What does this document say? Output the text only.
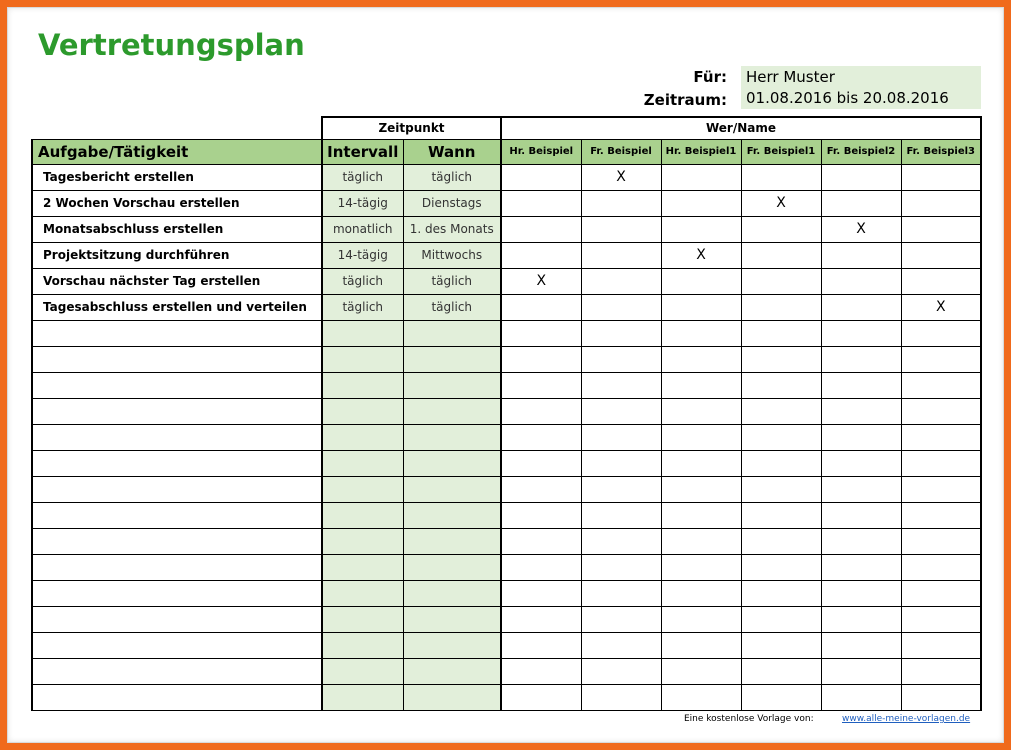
Vertretungsplan
Für:	Herr Muster
Zeitraum:	01.08.2016 bis 20.08.2016
	Zeitpunkt		Wer/Name					
Aufgabe/Tätigkeit	Intervall	Wann	Hr. Beispiel	Fr. Beispiel	Hr. Beispiel1	Fr. Beispiel1	Fr. Beispiel2	Fr. Beispiel3
Tagesbericht erstellen	täglich	täglich		X				
2 Wochen Vorschau erstellen	14-tägig	Dienstags				X		
Monatsabschluss erstellen	monatlich	1. des Monats					X	
Projektsitzung durchführen	14-tägig	Mittwochs			X			
Vorschau nächster Tag erstellen	täglich	täglich	X					
Tagesabschluss erstellen und verteilen	täglich	täglich						X

Eine kostenlose Vorlage von:	www.alle-meine-vorlagen.de
